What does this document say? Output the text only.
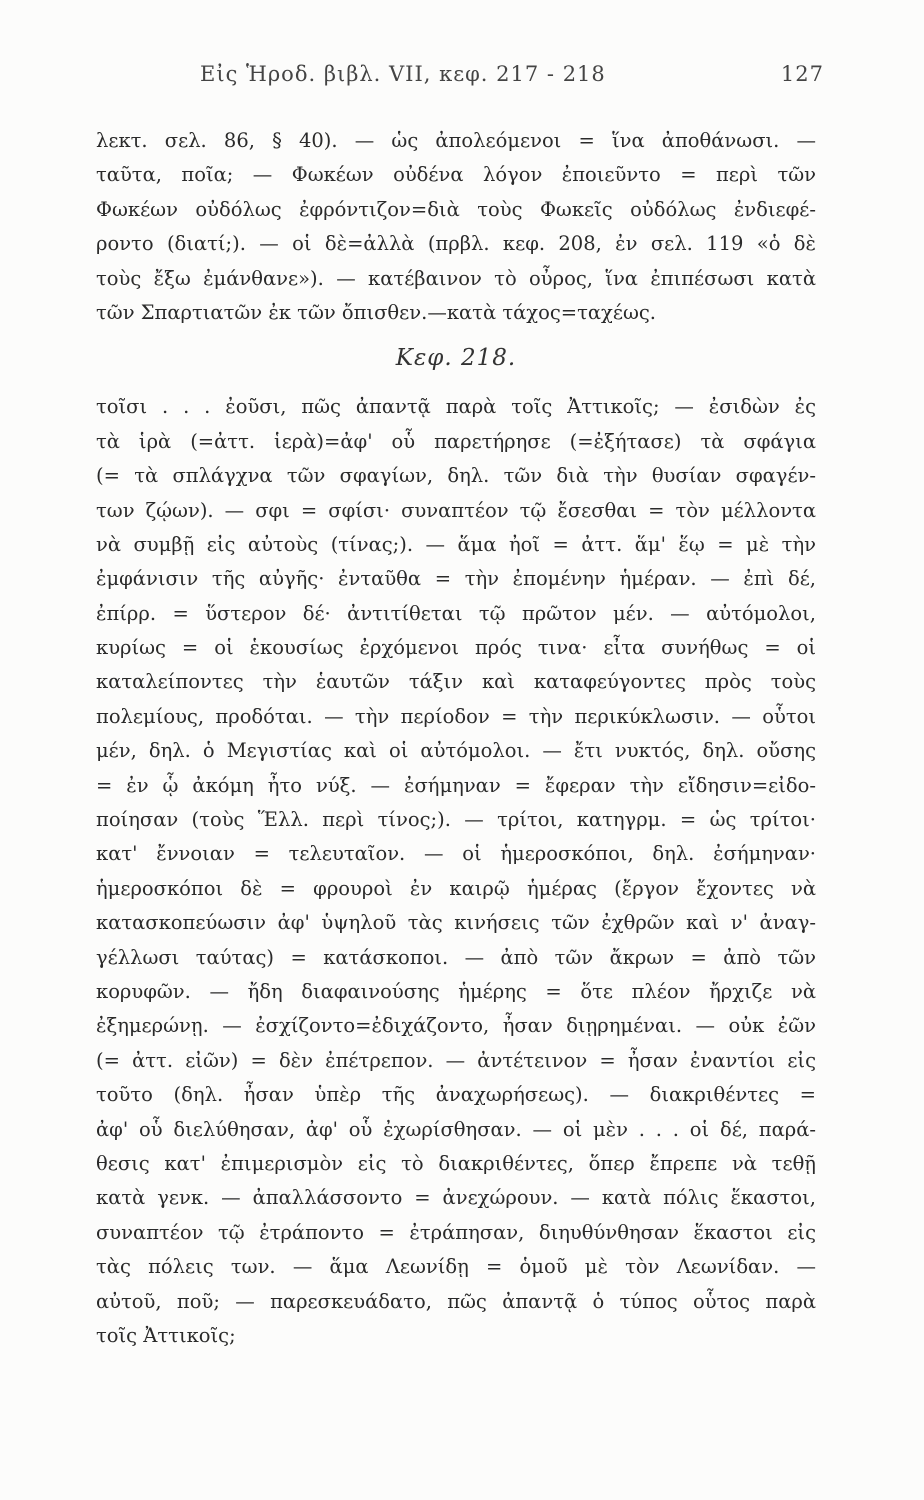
Εἰς Ἡροδ. βιβλ. VII, κεφ. 217 - 218	127
λεκτ. σελ. 86, § 40). — ὡς ἀπολεόμενοι = ἵνα ἀποθάνωσι. —
ταῦτα, ποῖα; — Φωκέων οὐδένα λόγον ἐποιεῦντο = περὶ τῶν
Φωκέων οὐδόλως ἐφρόντιζον=διὰ τοὺς Φωκεῖς οὐδόλως ἐνδιεφέ-
ροντο (διατί;). — οἱ δὲ=ἀλλὰ (πρβλ. κεφ. 208, ἐν σελ. 119 «ὁ δὲ
τοὺς ἔξω ἐμάνθανε»). — κατέβαινον τὸ οὖρος, ἵνα ἐπιπέσωσι κατὰ
τῶν Σπαρτιατῶν ἐκ τῶν ὄπισθεν.—κατὰ τάχος=ταχέως.
Κεφ. 218.
τοῖσι . . . ἐοῦσι, πῶς ἀπαντᾷ παρὰ τοῖς Ἀττικοῖς; — ἐσιδὼν ἐς
τὰ ἱρὰ (=ἀττ. ἱερὰ)=ἀφ' οὗ παρετήρησε (=ἐξήτασε) τὰ σφάγια
(= τὰ σπλάγχνα τῶν σφαγίων, δηλ. τῶν διὰ τὴν θυσίαν σφαγέν-
των ζῴων). — σφι = σφίσι· συναπτέον τῷ ἔσεσθαι = τὸν μέλλοντα
νὰ συμβῇ εἰς αὐτοὺς (τίνας;). — ἅμα ἠοῖ = ἀττ. ἅμ' ἕῳ = μὲ τὴν
ἐμφάνισιν τῆς αὐγῆς· ἐνταῦθα = τὴν ἐπομένην ἡμέραν. — ἐπὶ δέ,
ἐπίρρ. = ὕστερον δέ· ἀντιτίθεται τῷ πρῶτον μέν. — αὐτόμολοι,
κυρίως = οἱ ἑκουσίως ἐρχόμενοι πρός τινα· εἶτα συνήθως = οἱ
καταλείποντες τὴν ἑαυτῶν τάξιν καὶ καταφεύγοντες πρὸς τοὺς
πολεμίους, προδόται. — τὴν περίοδον = τὴν περικύκλωσιν. — οὗτοι
μέν, δηλ. ὁ Μεγιστίας καὶ οἱ αὐτόμολοι. — ἔτι νυκτός, δηλ. οὔσης
= ἐν ᾧ ἀκόμη ἦτο νύξ. — ἐσήμηναν = ἔφεραν τὴν εἴδησιν=εἰδο-
ποίησαν (τοὺς Ἕλλ. περὶ τίνος;). — τρίτοι, κατηγρμ. = ὡς τρίτοι·
κατ' ἔννοιαν = τελευταῖον. — οἱ ἡμεροσκόποι, δηλ. ἐσήμηναν·
ἡμεροσκόποι δὲ = φρουροὶ ἐν καιρῷ ἡμέρας (ἔργον ἔχοντες νὰ
κατασκοπεύωσιν ἀφ' ὑψηλοῦ τὰς κινήσεις τῶν ἐχθρῶν καὶ ν' ἀναγ-
γέλλωσι ταύτας) = κατάσκοποι. — ἀπὸ τῶν ἄκρων = ἀπὸ τῶν
κορυφῶν. — ἤδη διαφαινούσης ἡμέρης = ὅτε πλέον ἤρχιζε νὰ
ἐξημερώνῃ. — ἐσχίζοντο=ἐδιχάζοντο, ἦσαν διῃρημέναι. — οὐκ ἐῶν
(= ἀττ. εἰῶν) = δὲν ἐπέτρεπον. — ἀντέτεινον = ἦσαν ἐναντίοι εἰς
τοῦτο (δηλ. ἦσαν ὑπὲρ τῆς ἀναχωρήσεως). — διακριθέντες =
ἀφ' οὗ διελύθησαν, ἀφ' οὗ ἐχωρίσθησαν. — οἱ μὲν . . . οἱ δέ, παρά-
θεσις κατ' ἐπιμερισμὸν εἰς τὸ διακριθέντες, ὅπερ ἔπρεπε νὰ τεθῇ
κατὰ γενκ. — ἀπαλλάσσοντο = ἀνεχώρουν. — κατὰ πόλις ἕκαστοι,
συναπτέον τῷ ἐτράποντο = ἐτράπησαν, διηυθύνθησαν ἕκαστοι εἰς
τὰς πόλεις των. — ἅμα Λεωνίδῃ = ὁμοῦ μὲ τὸν Λεωνίδαν. —
αὐτοῦ, ποῦ; — παρεσκευάδατο, πῶς ἀπαντᾷ ὁ τύπος οὗτος παρὰ
τοῖς Ἀττικοῖς;
